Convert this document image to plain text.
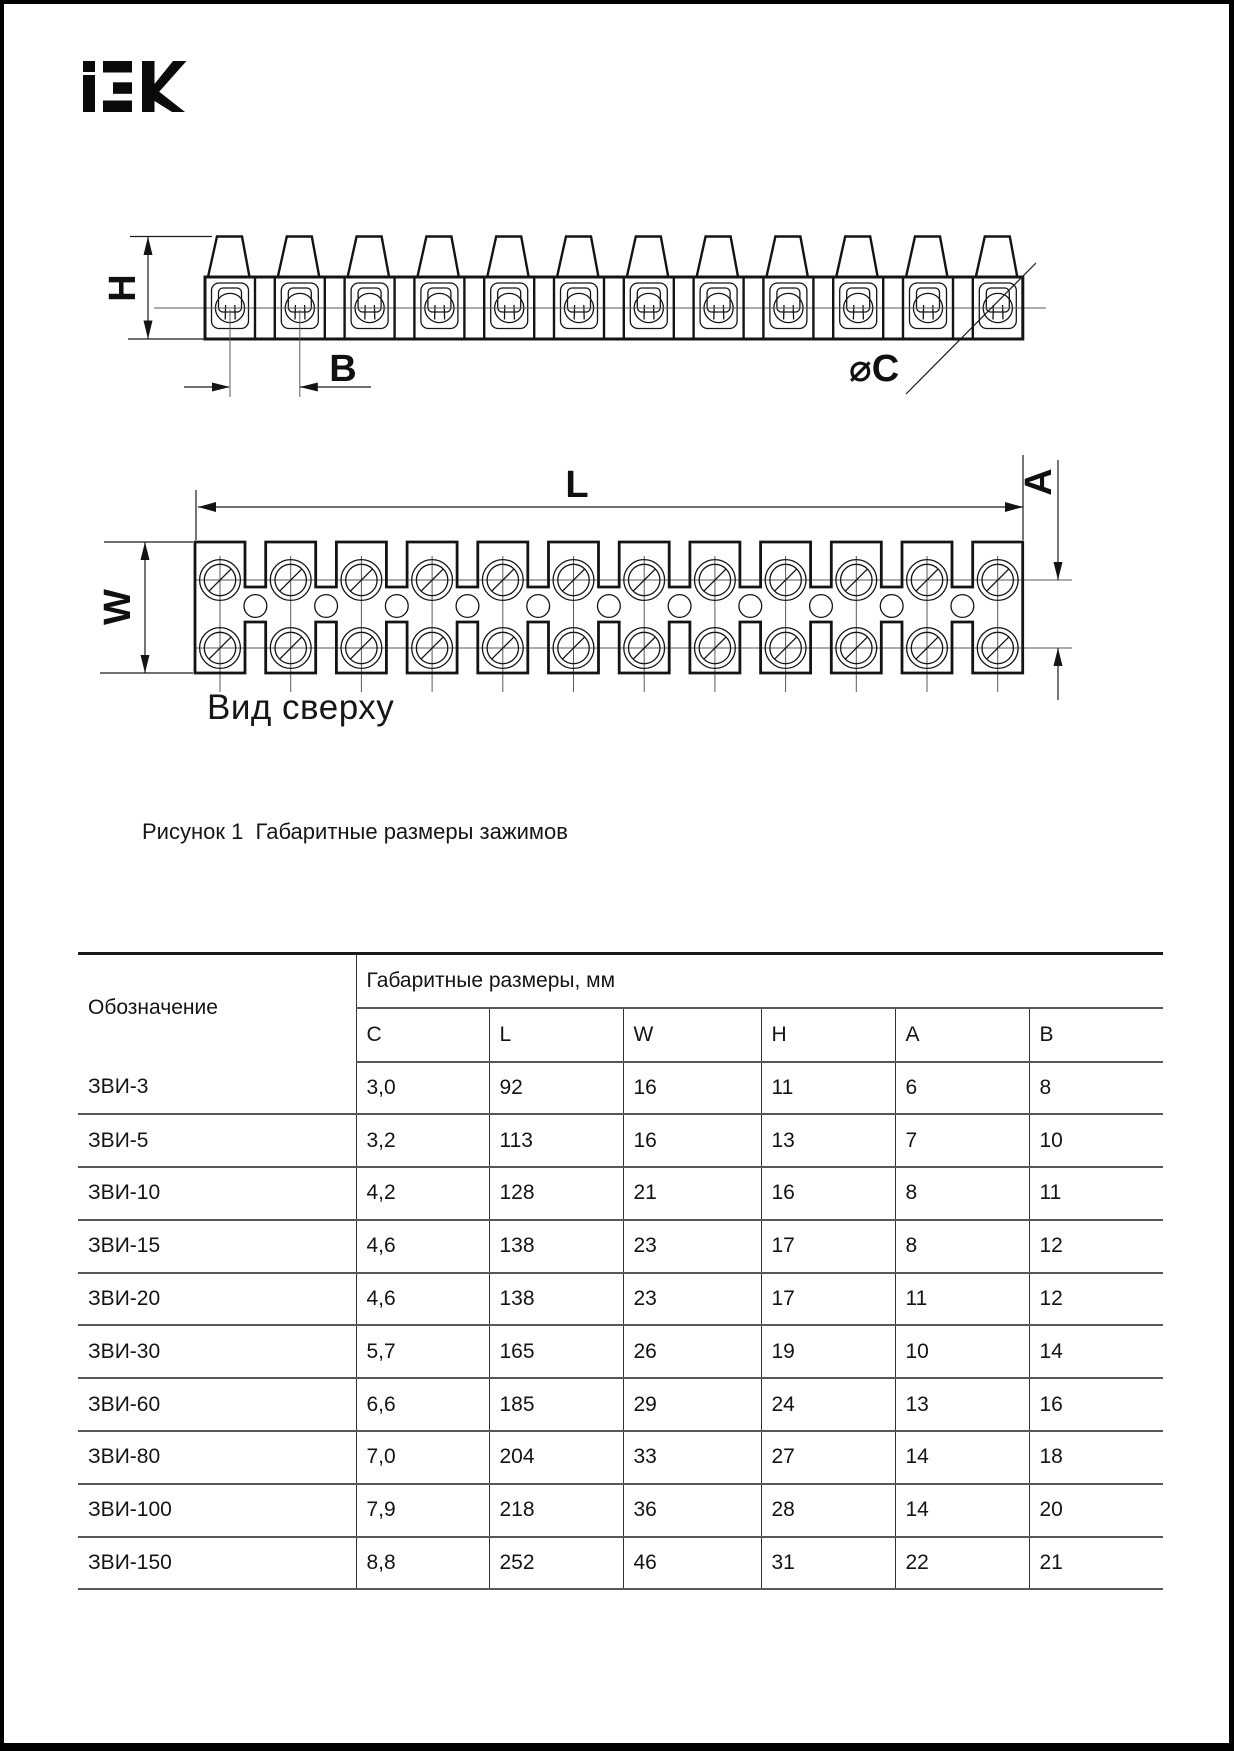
H
B	⌀C
L
W
A
Вид сверху
Рисунок 1  Габаритные размеры зажимов
Обозначение	Габаритные размеры, мм					
	C	L	W	H	A	B
ЗВИ-3	3,0	92	16	11	6	8
ЗВИ-5	3,2	113	16	13	7	10
ЗВИ-10	4,2	128	21	16	8	11
ЗВИ-15	4,6	138	23	17	8	12
ЗВИ-20	4,6	138	23	17	11	12
ЗВИ-30	5,7	165	26	19	10	14
ЗВИ-60	6,6	185	29	24	13	16
ЗВИ-80	7,0	204	33	27	14	18
ЗВИ-100	7,9	218	36	28	14	20
ЗВИ-150	8,8	252	46	31	22	21
